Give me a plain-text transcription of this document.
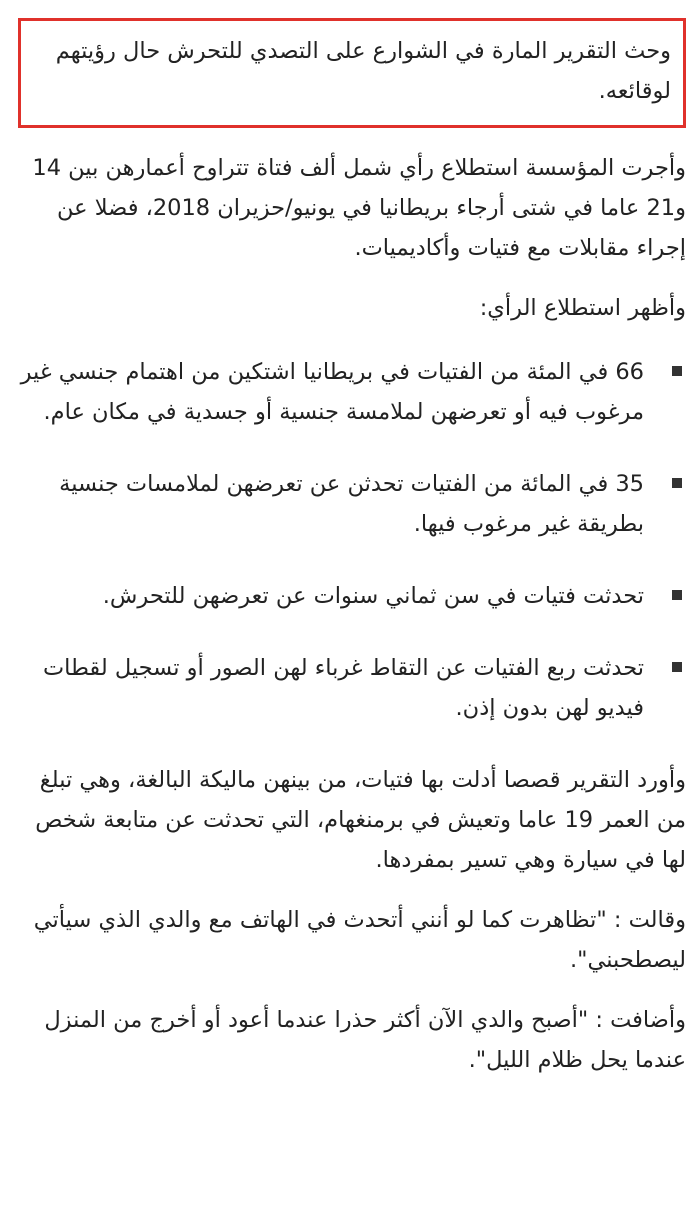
وحث التقرير المارة في الشوارع على التصدي للتحرش حال رؤيتهم لوقائعه.

وأجرت المؤسسة استطلاع رأي شمل ألف فتاة تتراوح أعمارهن بين 14 و21 عاما في شتى أرجاء بريطانيا في يونيو/حزيران 2018، فضلا عن إجراء مقابلات مع فتيات وأكاديميات.

وأظهر استطلاع الرأي:

66 في المئة من الفتيات في بريطانيا اشتكين من اهتمام جنسي غير مرغوب فيه أو تعرضهن لملامسة جنسية أو جسدية في مكان عام.
35 في المائة من الفتيات تحدثن عن تعرضهن لملامسات جنسية بطريقة غير مرغوب فيها.
تحدثت فتيات في سن ثماني سنوات عن تعرضهن للتحرش.
تحدثت ربع الفتيات عن التقاط غرباء لهن الصور أو تسجيل لقطات فيديو لهن بدون إذن.

وأورد التقرير قصصا أدلت بها فتيات، من بينهن ماليكة البالغة، وهي تبلغ من العمر 19 عاما وتعيش في برمنغهام، التي تحدثت عن متابعة شخص لها في سيارة وهي تسير بمفردها.

وقالت : "تظاهرت كما لو أنني أتحدث في الهاتف مع والدي الذي سيأتي ليصطحبني".

وأضافت : "أصبح والدي الآن أكثر حذرا عندما أعود أو أخرج من المنزل عندما يحل ظلام الليل".
